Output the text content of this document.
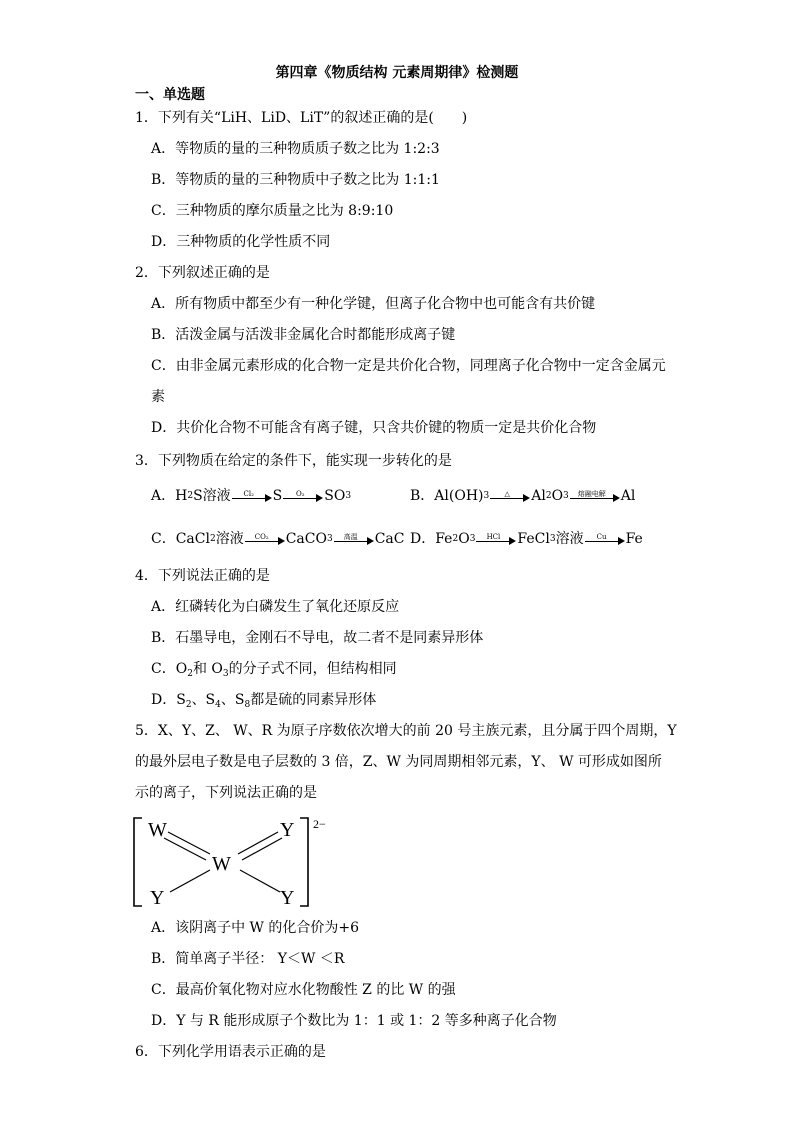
第四章《物质结构 元素周期律》检测题
一、单选题
1．下列有关“LiH、LiD、LiT”的叙述正确的是(　　)
A．等物质的量的三种物质质子数之比为 1:2:3
B．等物质的量的三种物质中子数之比为 1:1:1
C．三种物质的摩尔质量之比为 8:9:10
D．三种物质的化学性质不同
2．下列叙述正确的是
A．所有物质中都至少有一种化学键，但离子化合物中也可能含有共价键
B．活泼金属与活泼非金属化合时都能形成离子键
C．由非金属元素形成的化合物一定是共价化合物，同理离子化合物中一定含金属元
素
D．共价化合物不可能含有离子键，只含共价键的物质一定是共价化合物
3．下列物质在给定的条件下，能实现一步转化的是
A． H 2 S溶液	Cl₂	S	O₂	SO 3	B． Al(OH) 3	△	Al 2 O 3	熔融电解	Al
C． CaCl 2 溶液	CO₂	CaCO 3	高温	CaC D． Fe 2 O 3	HCl	FeCl 3 溶液	Cu	Fe
4．下列说法正确的是
A．红磷转化为白磷发生了氧化还原反应
B．石墨导电，金刚石不导电，故二者不是同素异形体
C．$O_2$和 $O_3$的分子式不同，但结构相同
D．$S_2$、$S_4$、$S_8$都是硫的同素异形体
5．X、Y、Z、 W、R 为原子序数依次增大的前 20 号主族元素，且分属于四个周期，Y
的最外层电子数是电子层数的 3 倍，Z、W 为同周期相邻元素，Y、 W 可形成如图所
示的离子，下列说法正确的是
W	Y
W
Y	Y
2−
A．该阴离子中 W 的化合价为+6
B．简单离子半径： Y＜W ＜R
C．最高价氧化物对应水化物酸性 Z 的比 W 的强
D．Y 与 R 能形成原子个数比为 1：1 或 1：2 等多种离子化合物
6．下列化学用语表示正确的是
